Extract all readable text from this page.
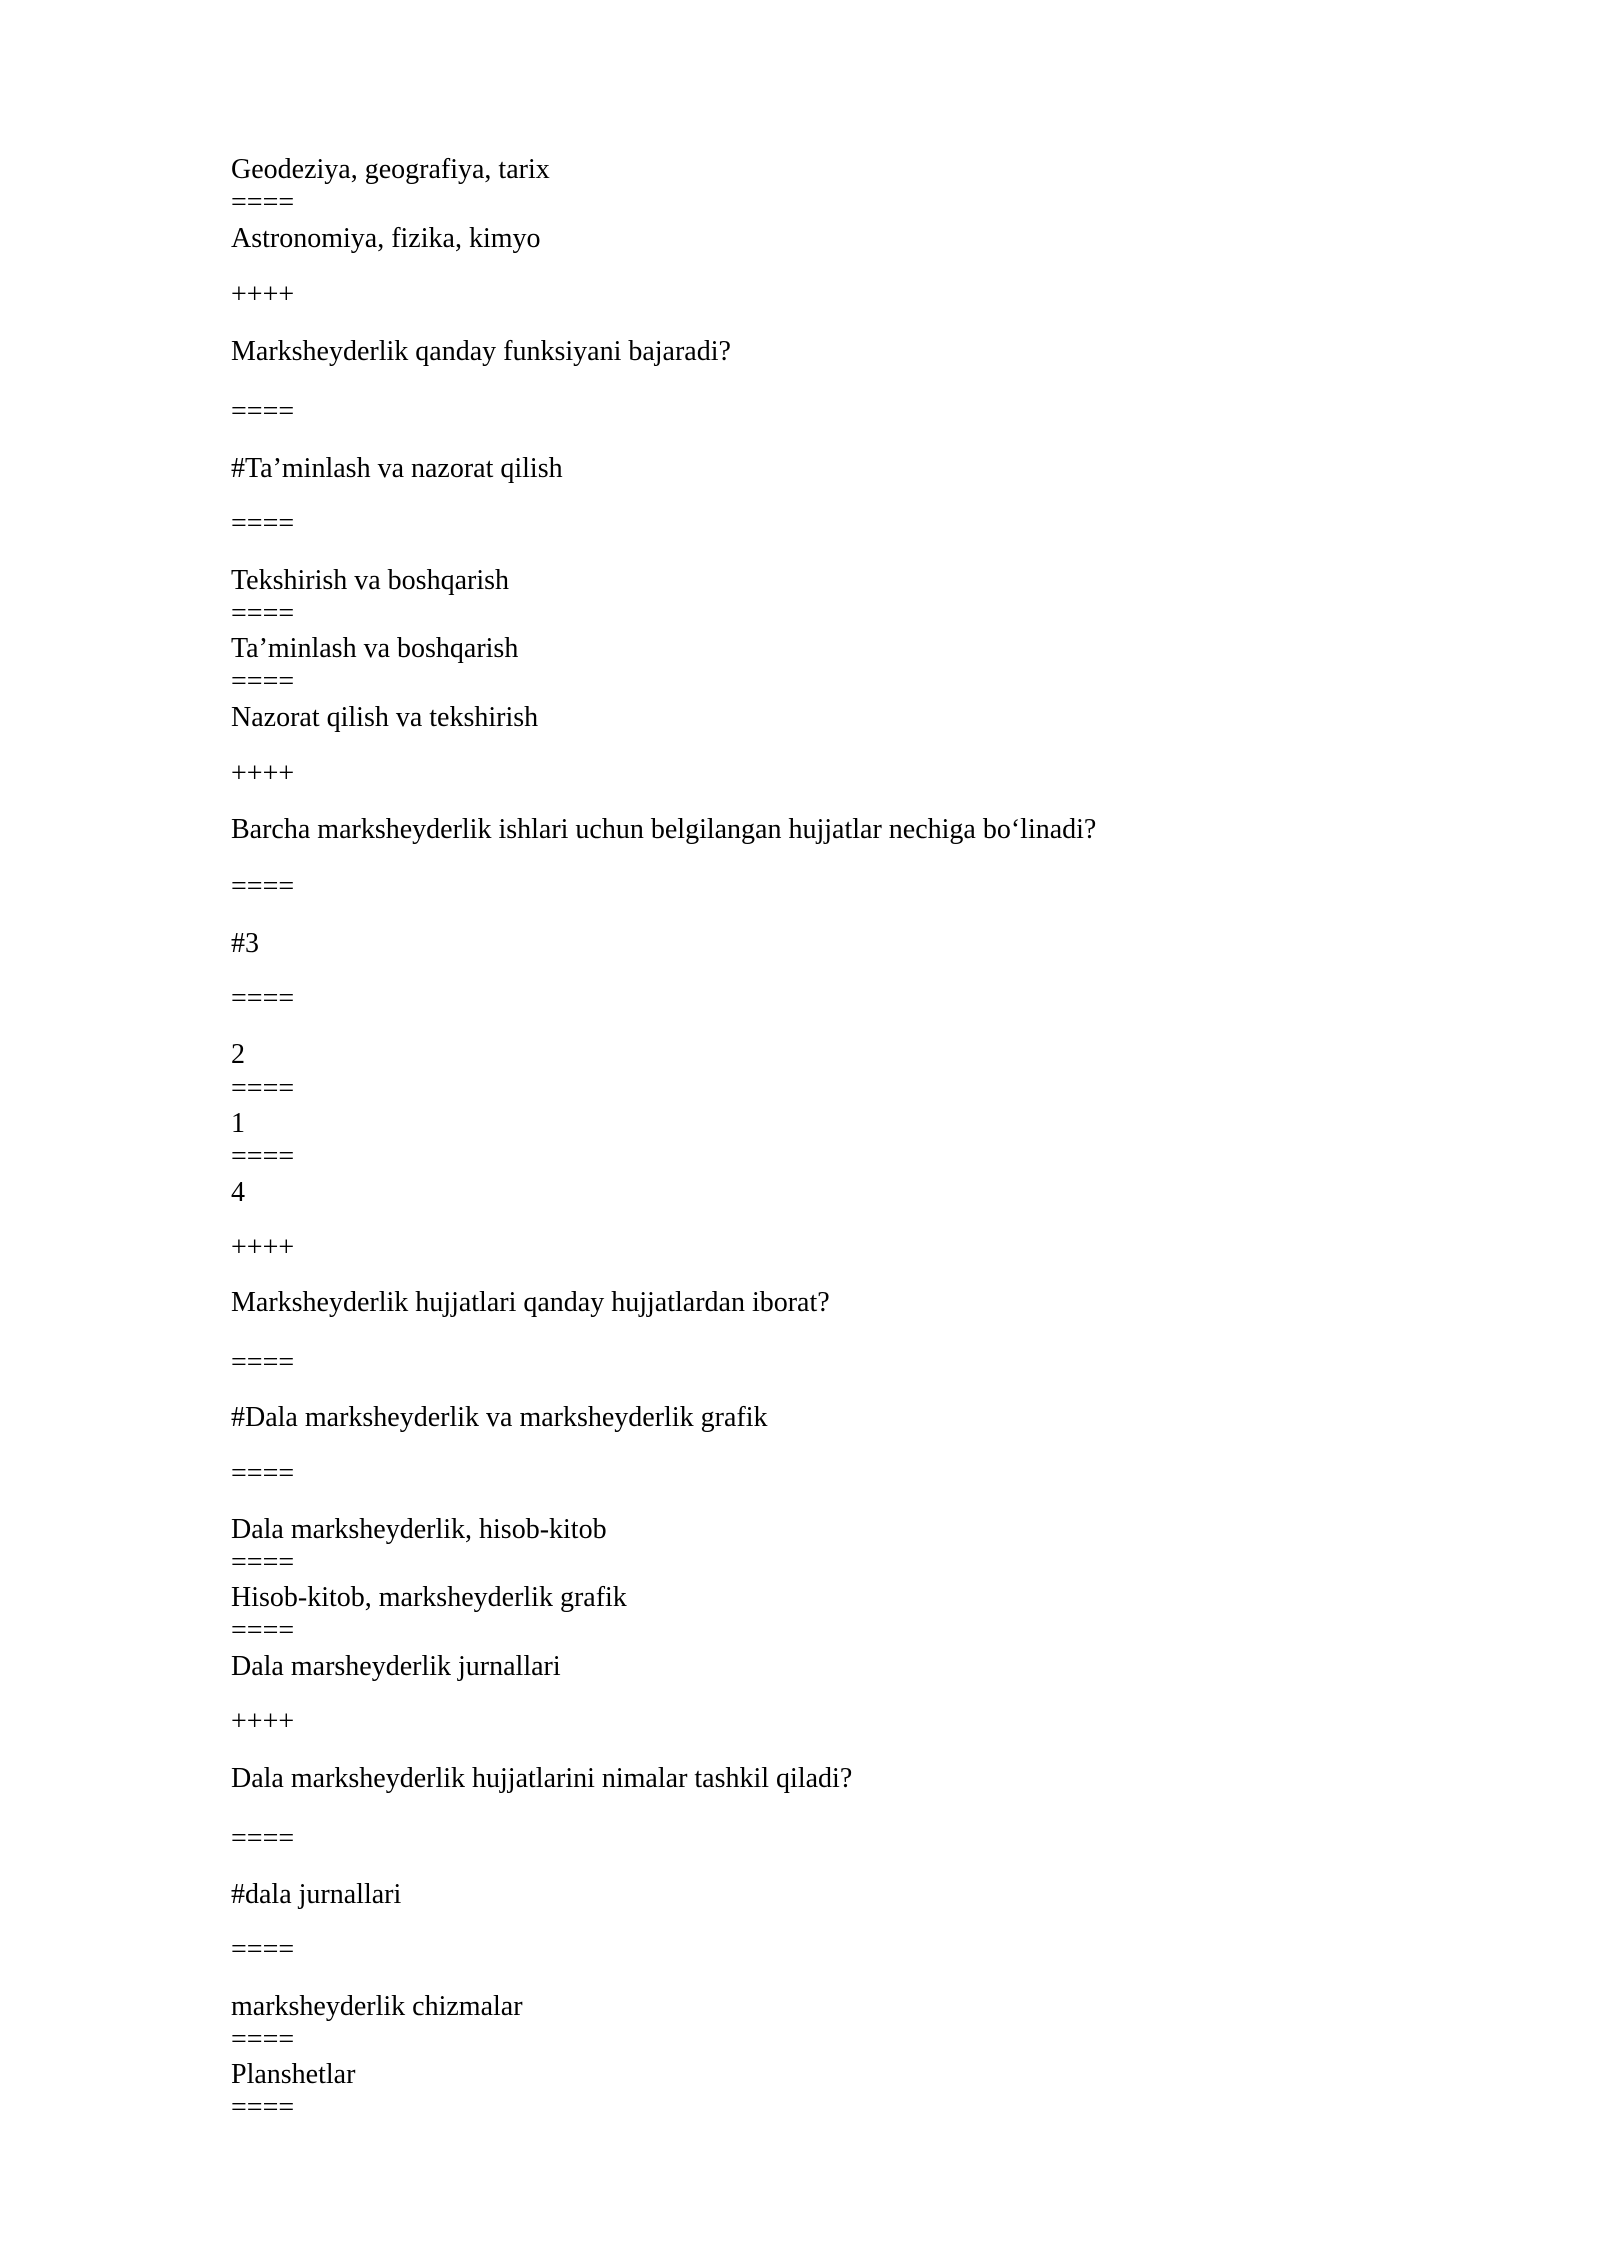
Geodeziya, geografiya, tarix

====

Astronomiya, fizika, kimyo

++++

Marksheyderlik qanday funksiyani bajaradi?

====

#Ta’minlash va nazorat qilish

====

Tekshirish va boshqarish

====

Ta’minlash va boshqarish

====

Nazorat qilish va tekshirish

++++

Barcha marksheyderlik ishlari uchun belgilangan hujjatlar nechiga bo‘linadi?

====

#3

====

2

====

1

====

4

++++

Marksheyderlik hujjatlari qanday hujjatlardan iborat?

====

#Dala marksheyderlik va marksheyderlik grafik

====

Dala marksheyderlik, hisob-kitob

====

Hisob-kitob, marksheyderlik grafik

====

Dala marsheyderlik jurnallari

++++

Dala marksheyderlik hujjatlarini nimalar tashkil qiladi?

====

#dala jurnallari

====

marksheyderlik chizmalar

====

Planshetlar

====
